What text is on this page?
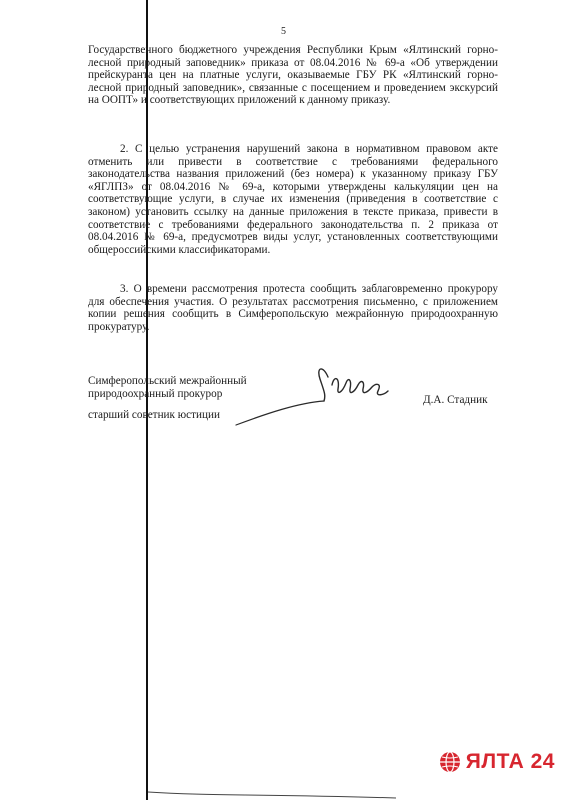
5

Государственного бюджетного учреждения Республики Крым «Ялтинский горно-лесной природный заповедник» приказа от 08.04.2016 № 69-а «Об утверждении прейскуранта цен на платные услуги, оказываемые ГБУ РК «Ялтинский горно-лесной природный заповедник», связанные с посещением и проведением экскурсий на ООПТ» и соответствующих приложений к данному приказу.

2. С целью устранения нарушений закона в нормативном правовом акте отменить или привести в соответствие с требованиями федерального законодательства названия приложений (без номера) к указанному приказу ГБУ «ЯГЛПЗ» от 08.04.2016 № 69-а, которыми утверждены калькуляции цен на соответствующие услуги, в случае их изменения (приведения в соответствие с законом) установить ссылку на данные приложения в тексте приказа, привести в соответствие с требованиями федерального законодательства п. 2 приказа от 08.04.2016 № 69-а, предусмотрев виды услуг, установленных соответствующими общероссийскими классификаторами.

3. О времени рассмотрения протеста сообщить заблаговременно прокурору для обеспечения участия. О результатах рассмотрения письменно, с приложением копии решения сообщить в Симферопольскую межрайонную природоохранную прокуратуру.

Симферопольский межрайонный
природоохранный прокурор
старший советник юстиции
Д.А. Стадник
ЯЛТА 24
